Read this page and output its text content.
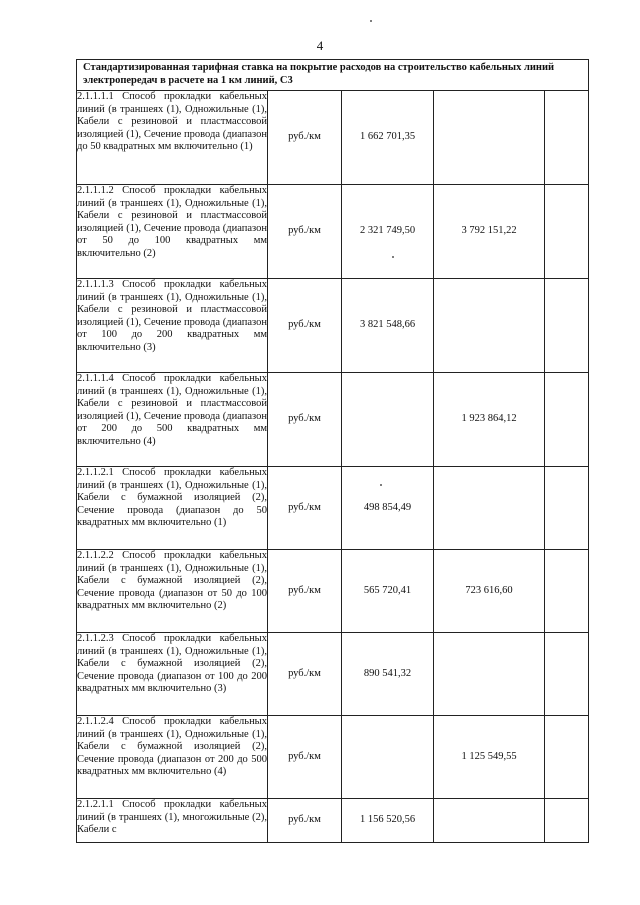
4
Стандартизированная тарифная ставка на покрытие расходов на строительство кабельных линий электропередач в расчете на 1 км линий, С3				
2.1.1.1.1 Способ прокладки кабельных линий (в траншеях (1), Одножильные (1), Кабели с резиновой и пластмассовой изоляцией (1), Сечение провода (диапазон до 50 квадратных мм включительно (1)	руб./км	1 662 701,35		
2.1.1.1.2 Способ прокладки кабельных линий (в траншеях (1), Одножильные (1), Кабели с резиновой и пластмассовой изоляцией (1), Сечение провода (диапазон от 50 до 100 квадратных мм включительно (2)	руб./км	2 321 749,50	3 792 151,22	
2.1.1.1.3 Способ прокладки кабельных линий (в траншеях (1), Одножильные (1), Кабели с резиновой и пластмассовой изоляцией (1), Сечение провода (диапазон от 100 до 200 квадратных мм включительно (3)	руб./км	3 821 548,66		
2.1.1.1.4 Способ прокладки кабельных линий (в траншеях (1), Одножильные (1), Кабели с резиновой и пластмассовой изоляцией (1), Сечение провода (диапазон от 200 до 500 квадратных мм включительно (4)	руб./км		1 923 864,12	
2.1.1.2.1 Способ прокладки кабельных линий (в траншеях (1), Одножильные (1), Кабели с бумажной изоляцией (2), Сечение провода (диапазон до 50 квадратных мм включительно (1)	руб./км	498 854,49		
2.1.1.2.2 Способ прокладки кабельных линий (в траншеях (1), Одножильные (1), Кабели с бумажной изоляцией (2), Сечение провода (диапазон от 50 до 100 квадратных мм включительно (2)	руб./км	565 720,41	723 616,60	
2.1.1.2.3 Способ прокладки кабельных линий (в траншеях (1), Одножильные (1), Кабели с бумажной изоляцией (2), Сечение провода (диапазон от 100 до 200 квадратных мм включительно (3)	руб./км	890 541,32		
2.1.1.2.4 Способ прокладки кабельных линий (в траншеях (1), Одножильные (1), Кабели с бумажной изоляцией (2), Сечение провода (диапазон от 200 до 500 квадратных мм включительно (4)	руб./км		1 125 549,55	
2.1.2.1.1 Способ прокладки кабельных линий (в траншеях (1), многожильные (2), Кабели с	руб./км	1 156 520,56		
